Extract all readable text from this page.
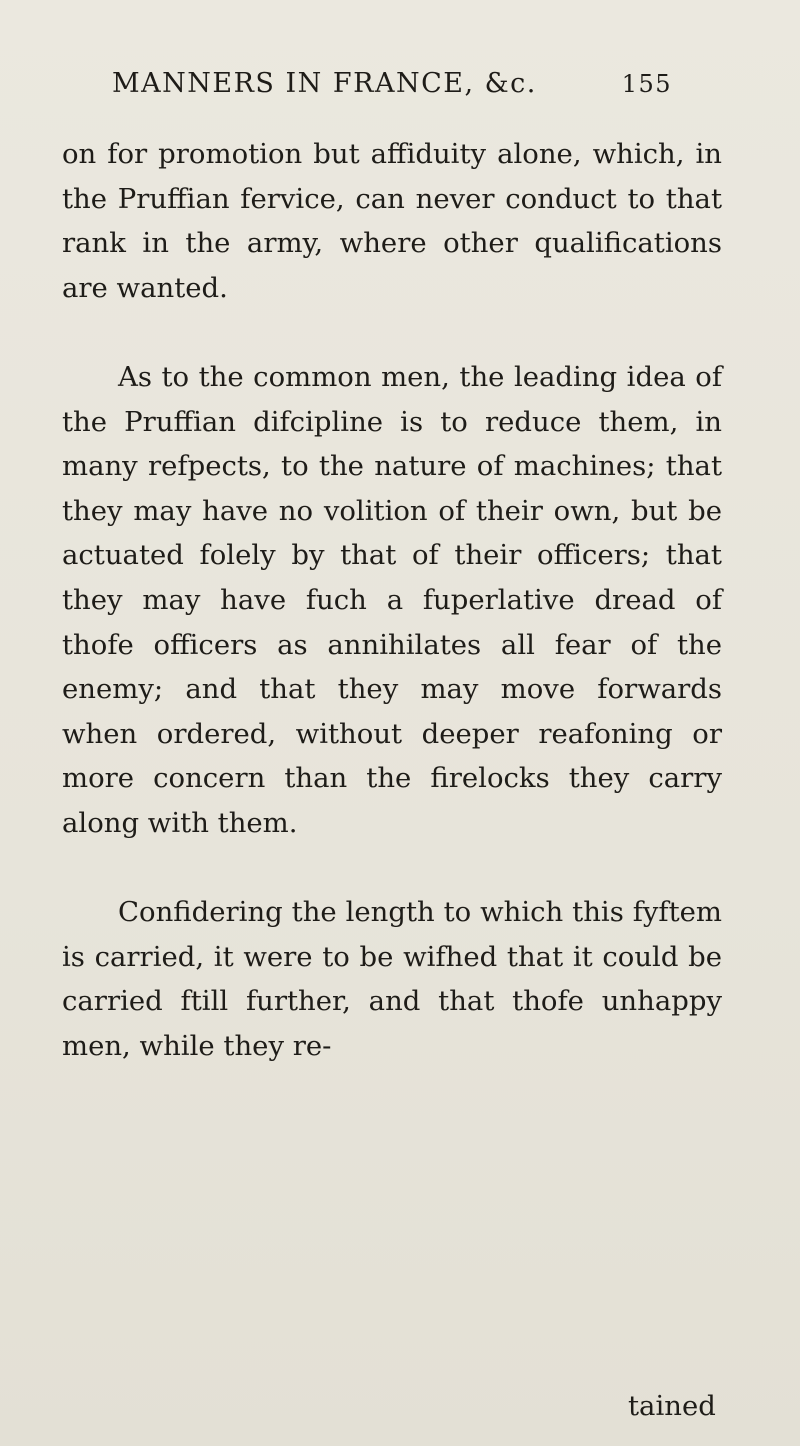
MANNERS IN FRANCE, &c.	155

on for promotion but affiduity alone, which, in the Pruffian fervice, can never conduct to that rank in the army, where other qualifications are wanted.

As to the common men, the leading idea of the Pruffian difcipline is to reduce them, in many refpects, to the nature of machines; that they may have no volition of their own, but be actuated folely by that of their officers; that they may have fuch a fuperlative dread of thofe officers as annihilates all fear of the enemy; and that they may move forwards when ordered, without deeper reafoning or more concern than the firelocks they carry along with them.

Confidering the length to which this fyftem is carried, it were to be wifhed that it could be carried ftill further, and that thofe unhappy men, while they re-

tained
